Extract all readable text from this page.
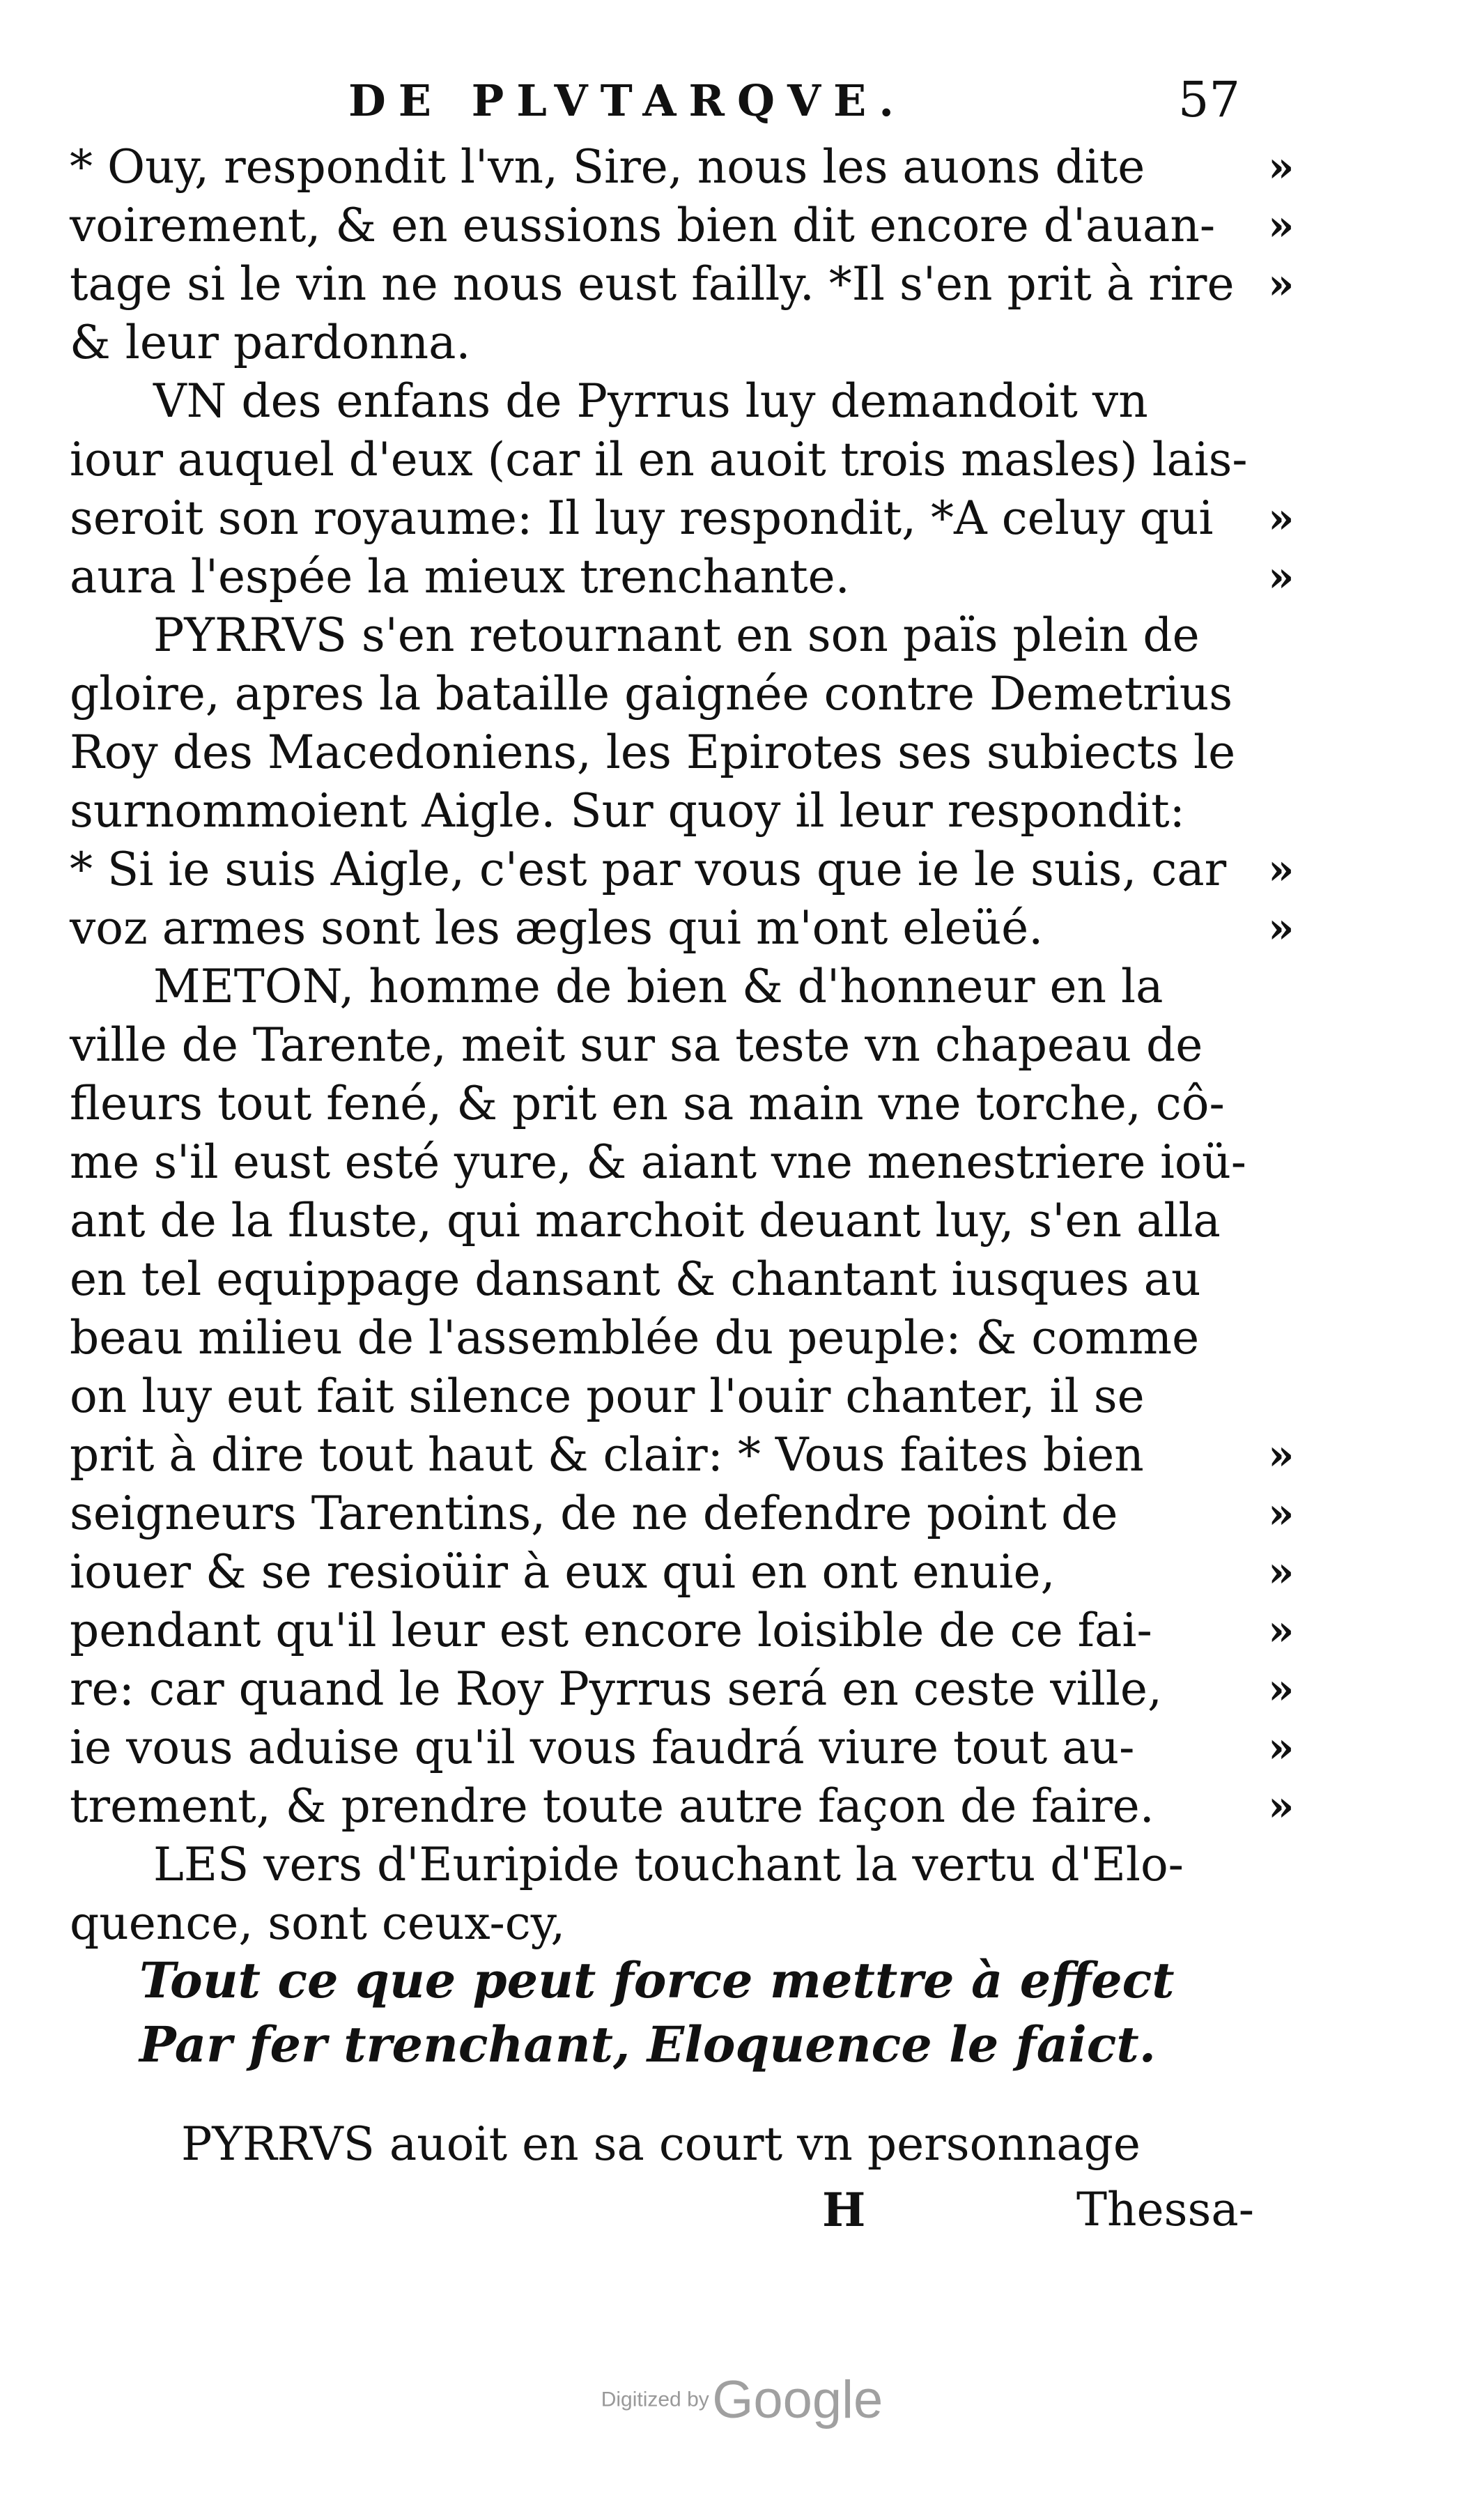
DE PLVTARQVE.	57
* Ouy, respondit l'vn, Sire, nous les auons dite	»
voirement, & en eussions bien dit encore d'auan- »
tage si le vin ne nous eust failly. *Il s'en prit à rire »
& leur pardonna.
VN des enfans de Pyrrus luy demandoit vn
iour auquel d'eux (car il en auoit trois masles) lais-
seroit son royaume: Il luy respondit, *A celuy qui »
aura l'espée la mieux trenchante.	»
PYRRVS s'en retournant en son païs plein de
gloire, apres la bataille gaignée contre Demetrius
Roy des Macedoniens, les Epirotes ses subiects le
surnommoient Aigle. Sur quoy il leur respondit:
* Si ie suis Aigle, c'est par vous que ie le suis, car »
voz armes sont les ægles qui m'ont eleüé.	»
METON, homme de bien & d'honneur en la
ville de Tarente, meit sur sa teste vn chapeau de
fleurs tout fené, & prit en sa main vne torche, cô-
me s'il eust esté yure, & aiant vne menestriere ioü-
ant de la fluste, qui marchoit deuant luy, s'en alla
en tel equippage dansant & chantant iusques au
beau milieu de l'assemblée du peuple: & comme
on luy eut fait silence pour l'ouir chanter, il se
prit à dire tout haut & clair: * Vous faites bien	»
seigneurs Tarentins, de ne defendre point de	»
iouer & se resioüir à eux qui en ont enuie,	»
pendant qu'il leur est encore loisible de ce fai-	»
re: car quand le Roy Pyrrus será en ceste ville,	»
ie vous aduise qu'il vous faudrá viure tout au-	»
trement, & prendre toute autre façon de faire.	»
LES vers d'Euripide touchant la vertu d'Elo-
quence, sont ceux-cy,
Tout ce que peut force mettre à effect
Par fer trenchant, Eloquence le faict.
PYRRVS auoit en sa court vn personnage
H	Thessa-
Digitized by Google
